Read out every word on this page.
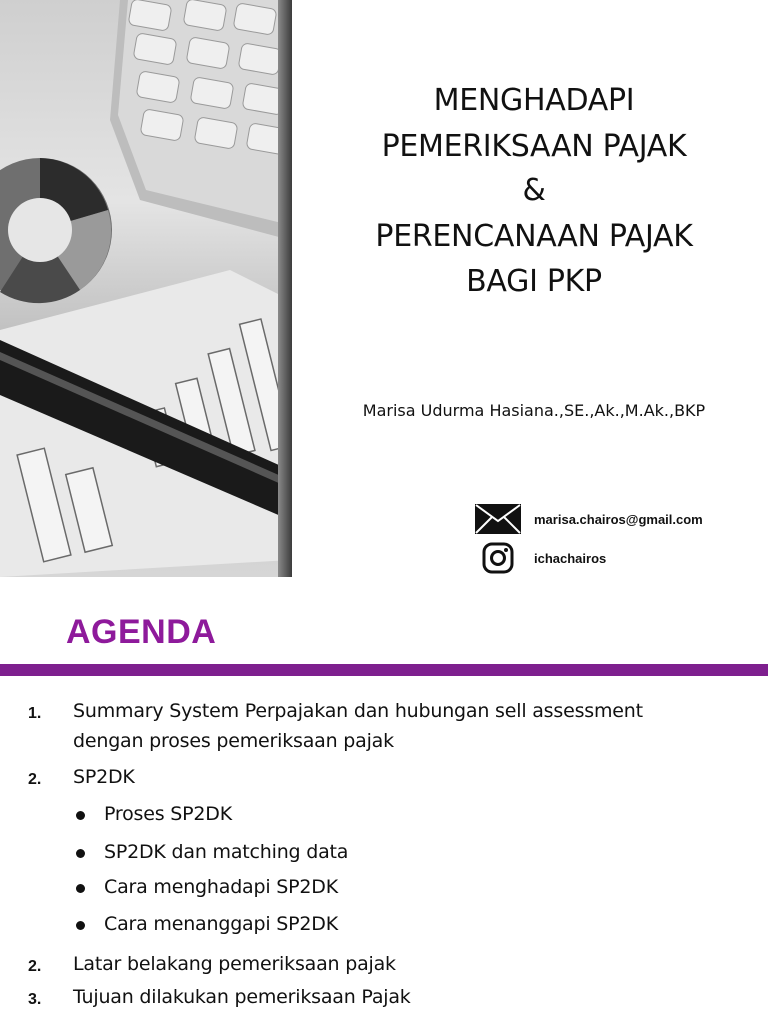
MENGHADAPI
PEMERIKSAAN PAJAK
&
PERENCANAAN PAJAK
BAGI PKP
Marisa Udurma Hasiana.,SE.,Ak.,M.Ak.,BKP
marisa.chairos@gmail.com
ichachairos
AGENDA
1. Summary System Perpajakan dan hubungan sell assessment
dengan proses pemeriksaan pajak
2. SP2DK
Proses SP2DK
SP2DK dan matching data
Cara menghadapi SP2DK
Cara menanggapi SP2DK
2. Latar belakang pemeriksaan pajak
3. Tujuan dilakukan pemeriksaan Pajak
